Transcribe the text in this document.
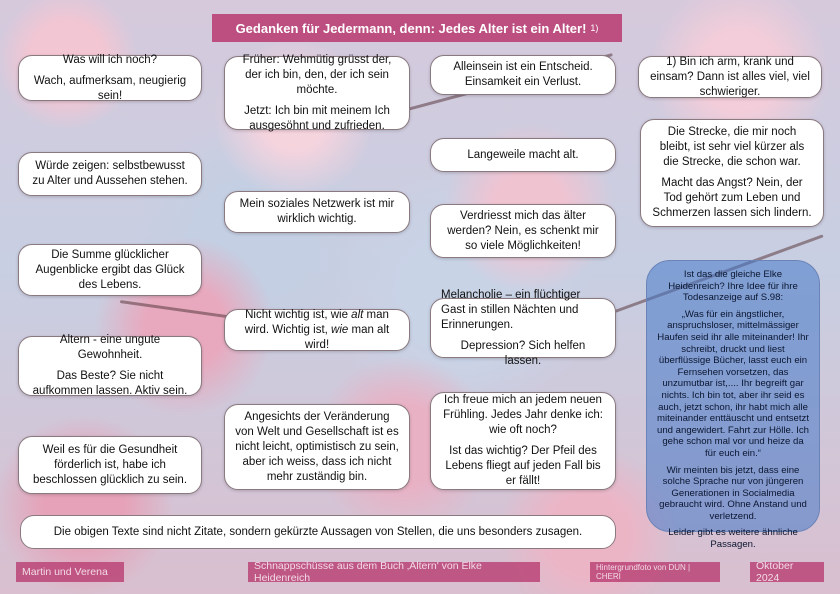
Gedanken für Jedermann, denn: Jedes Alter ist ein Alter! 1)

Was will ich noch?

Wach, aufmerksam, neugierig sein!

Würde zeigen: selbstbewusst zu Alter und Aussehen stehen.

Die Summe glücklicher Augenblicke ergibt das Glück des Lebens.

Altern - eine ungute Gewohnheit.

Das Beste? Sie nicht aufkommen lassen. Aktiv sein.

Weil es für die Gesundheit förderlich ist, habe ich beschlossen glücklich zu sein.

Früher: Wehmütig grüsst der, der ich bin, den, der ich sein möchte.

Jetzt: Ich bin mit meinem Ich ausgesöhnt und zufrieden.

Mein soziales Netzwerk ist mir wirklich wichtig.

Nicht wichtig ist, wie alt man wird. Wichtig ist, wie man alt wird!

Angesichts der Veränderung von Welt und Gesellschaft ist es nicht leicht, optimistisch zu sein, aber ich weiss, dass ich nicht mehr zuständig bin.

Alleinsein ist ein Entscheid. Einsamkeit ein Verlust.

Langeweile macht alt.

Verdriesst mich das älter werden? Nein, es schenkt mir so viele Möglichkeiten!

Melancholie – ein flüchtiger Gast in stillen Nächten und Erinnerungen.

Depression? Sich helfen lassen.

Ich freue mich an jedem neuen Frühling. Jedes Jahr denke ich: wie oft noch?

Ist das wichtig? Der Pfeil des Lebens fliegt auf jeden Fall bis er fällt!

1) Bin ich arm, krank und einsam? Dann ist alles viel, viel schwieriger.

Die Strecke, die mir noch bleibt, ist sehr viel kürzer als die Strecke, die schon war.

Macht das Angst? Nein, der Tod gehört zum Leben und Schmerzen lassen sich lindern.

Ist das die gleiche Elke Heidenreich? Ihre Idee für ihre Todesanzeige auf S.98:

„Was für ein ängstlicher, anspruchsloser, mittelmässiger Haufen seid ihr alle miteinander! Ihr schreibt, druckt und liest überflüssige Bücher, lasst euch ein Fernsehen vorsetzen, das unzumutbar ist,.... Ihr begreift gar nichts. Ich bin tot, aber ihr seid es auch, jetzt schon, ihr habt mich alle miteinander enttäuscht und entsetzt und angewidert. Fahrt zur Hölle. Ich gehe schon mal vor und heize da für euch ein.“

Wir meinten bis jetzt, dass eine solche Sprache nur von jüngeren Generationen in Socialmedia gebraucht wird. Ohne Anstand und verletzend.

Leider gibt es weitere ähnliche Passagen.

Die obigen Texte sind nicht Zitate, sondern gekürzte Aussagen von Stellen, die uns besonders zusagen.
Martin und Verena	Schnappschüsse aus dem Buch ‚Altern' von Elke Heidenreich
Hintergrundfoto von DUN | CHERI
Oktober 2024
